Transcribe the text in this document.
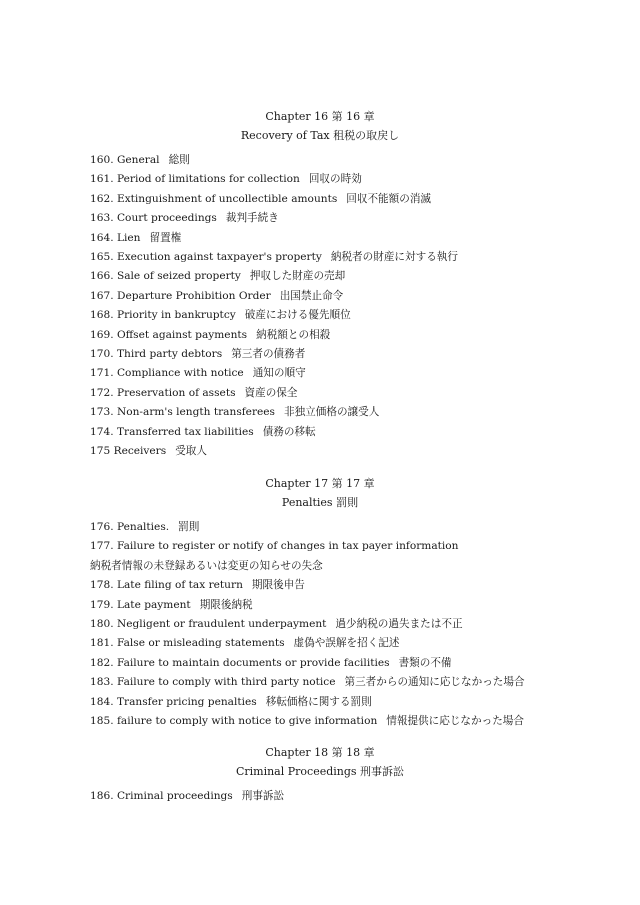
Chapter 16 第 16 章

Recovery of Tax 租税の取戻し

160. General 総則
161. Period of limitations for collection 回収の時効
162. Extinguishment of uncollectible amounts 回収不能額の消滅
163. Court proceedings 裁判手続き
164. Lien 留置権
165. Execution against taxpayer's property 納税者の財産に対する執行
166. Sale of seized property 押収した財産の売却
167. Departure Prohibition Order 出国禁止命令
168. Priority in bankruptcy 破産における優先順位
169. Offset against payments 納税額との相殺
170. Third party debtors 第三者の債務者
171. Compliance with notice 通知の順守
172. Preservation of assets 資産の保全
173. Non-arm's length transferees 非独立価格の譲受人
174. Transferred tax liabilities 債務の移転
175 Receivers 受取人

Chapter 17 第 17 章

Penalties 罰則

176. Penalties. 罰則
177. Failure to register or notify of changes in tax payer information
納税者情報の未登録あるいは変更の知らせの失念
178. Late filing of tax return 期限後申告
179. Late payment 期限後納税
180. Negligent or fraudulent underpayment 過少納税の過失または不正
181. False or misleading statements 虚偽や誤解を招く記述
182. Failure to maintain documents or provide facilities 書類の不備
183. Failure to comply with third party notice 第三者からの通知に応じなかった場合
184. Transfer pricing penalties 移転価格に関する罰則
185. failure to comply with notice to give information 情報提供に応じなかった場合

Chapter 18 第 18 章

Criminal Proceedings 刑事訴訟

186. Criminal proceedings 刑事訴訟
